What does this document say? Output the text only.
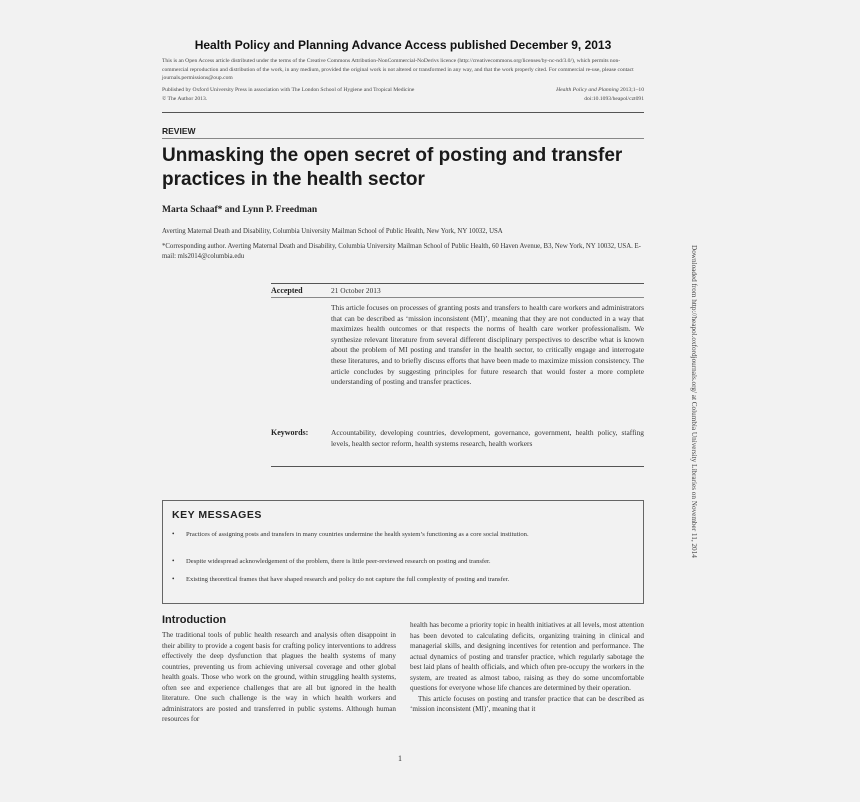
Health Policy and Planning Advance Access published December 9, 2013
This is an Open Access article distributed under the terms of the Creative Commons Attribution-NonCommercial-NoDerivs licence (http://creativecommons.org/licenses/by-nc-nd/3.0/), which permits non-commercial reproduction and distribution of the work, in any medium, provided the original work is not altered or transformed in any way, and that the work properly cited. For commercial re-use, please contact journals.permissions@oup.com
Published by Oxford University Press in association with The London School of Hygiene and Tropical Medicine
© The Author 2013.
Health Policy and Planning 2013;1–10
doi:10.1093/heapol/czt091
REVIEW
Unmasking the open secret of posting and transfer practices in the health sector
Marta Schaaf* and Lynn P. Freedman
Averting Maternal Death and Disability, Columbia University Mailman School of Public Health, New York, NY 10032, USA
*Corresponding author. Averting Maternal Death and Disability, Columbia University Mailman School of Public Health, 60 Haven Avenue, B3, New York, NY 10032, USA. E-mail: mls2014@columbia.edu
Accepted	21 October 2013
This article focuses on processes of granting posts and transfers to health care workers and administrators that can be described as ‘mission inconsistent (MI)’, meaning that they are not conducted in a way that maximizes health outcomes or that respects the norms of health care worker professionalism. We synthesize relevant literature from several different disciplinary perspectives to describe what is known about the problem of MI posting and transfer in the health sector, to critically engage and interrogate these literatures, and to briefly discuss efforts that have been made to maximize mission consistency. The article concludes by suggesting principles for future research that would foster a more complete understanding of posting and transfer practices.
Keywords:	Accountability, developing countries, development, governance, government, health policy, staffing levels, health sector reform, health systems research, health workers
KEY MESSAGES
• Practices of assigning posts and transfers in many countries undermine the health system’s functioning as a core social institution.
• Despite widespread acknowledgement of the problem, there is little peer-reviewed research on posting and transfer.
• Existing theoretical frames that have shaped research and policy do not capture the full complexity of posting and transfer.
Introduction

The traditional tools of public health research and analysis often disappoint in their ability to provide a cogent basis for crafting policy interventions to address effectively the deep dysfunction that plagues the health systems of many countries, preventing us from achieving universal coverage and other global health goals. Those who work on the ground, within struggling health systems, often see and experience challenges that are all but ignored in the health literature. One such challenge is the way in which health workers and administrators are posted and transferred in public systems. Although human resources for

health has become a priority topic in health initiatives at all levels, most attention has been devoted to calculating deficits, organizing training in clinical and managerial skills, and designing incentives for retention and performance. The actual dynamics of posting and transfer practice, which regularly sabotage the best laid plans of health officials, and which often pre-occupy the workers in the system, are treated as almost taboo, raising as they do some uncomfortable questions for everyone whose life chances are determined by their operation.

This article focuses on posting and transfer practice that can be described as ‘mission inconsistent (MI)’, meaning that it

1
Downloaded from http://heapol.oxfordjournals.org/ at Columbia University Libraries on November 11, 2014
